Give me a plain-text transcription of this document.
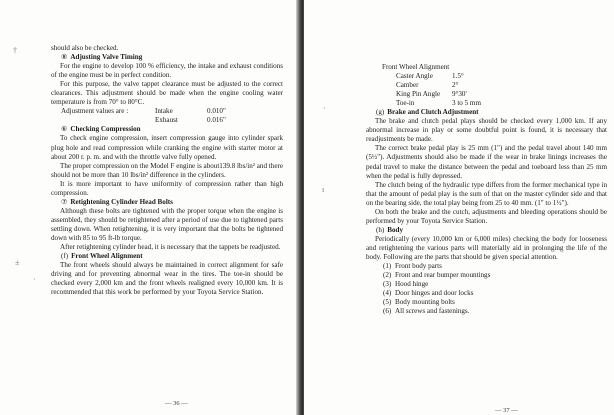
should also be checked.

⑧ Adjusting Valve Timing

For the engine to develop 100 % efficiency, the intake and exhaust conditions of the engine must be in perfect condition.

For this purpose, the valve tappet clearance must be adjusted to the correct clearances. This adjustment should be made when the engine cooling water temperature is from 70° to 80°C.

Adjustment values are :	Intake	0.010"
Exhaust	0.016"

⑥ Checking Compression

To check engine compression, insert compression gauge into cylinder spark plug hole and read compression while cranking the engine with starter motor at about 200 r. p. m. and with the throttle valve fully opened.

The proper compression on the Model F engine is about139.8 lbs/in² and there should not be more than 10 lbs/in² difference in the cylinders.

It is more important to have uniformity of compression rather than high compression.

⑦ Retightening Cylinder Head Bolts

Although these bolts are tightened with the proper torque when the engine is assembled, they should be retightened after a period of use due to tightened parts settling down. When retightening, it is very important that the bolts be tightened down with 85 to 95 ft-lb torque.

After retightening cylinder head, it is necessary that the tappets be readjusted.

(f) Front Wheel Alignment

The front wheels should always be maintained in correct alignment for safe driving and for preventing abnormal wear in the tires. The toe-in should be checked every 2,000 km and the front wheels realigned every 10,000 km. It is recommended that this work be performed by your Toyota Service Station.

— 36 —
†
±
·
Front Wheel Alignment
Caster Angle	1.5°
Camber	2°
King Pin Angle 9°30'
Toe-in	3 to 5 mm

(g) Brake and Clutch Adjustment

The brake and clutch pedal plays should be checked every 1,000 km. If any abnormal increase in play or some doubtful point is found, it is necessary that readjustments be made.

The correct brake pedal play is 25 mm (1") and the pedal travel about 140 mm (5½"). Adjustments should also be made if the wear in brake linings increases the pedal travel to make the distance between the pedal and toeboard less than 25 mm when the pedal is fully depressed.

The clutch being of the hydraulic type differs from the former mechanical type in that the amount of pedal play is the sum of that on the master cylinder side and that on the bearing side, the total play being from 25 to 40 mm. (1" to 1½").

On both the brake and the cutch, adjustments and bleeding operations should be performed by your Toyota Service Station.

(h) Body

Periodically (every 10,000 km or 6,000 miles) checking the body for looseness and retightening the various parts will materially aid in prolonging the life of the body. Following are the parts that should be given special attention.

(1) Front body parts
(2) Front and rear bumper mountings
(3) Hood hinge
(4) Door hinges and door locks
(5) Body mounting bolts
(6) All screws and fastenings.
— 37 —
·
ı
